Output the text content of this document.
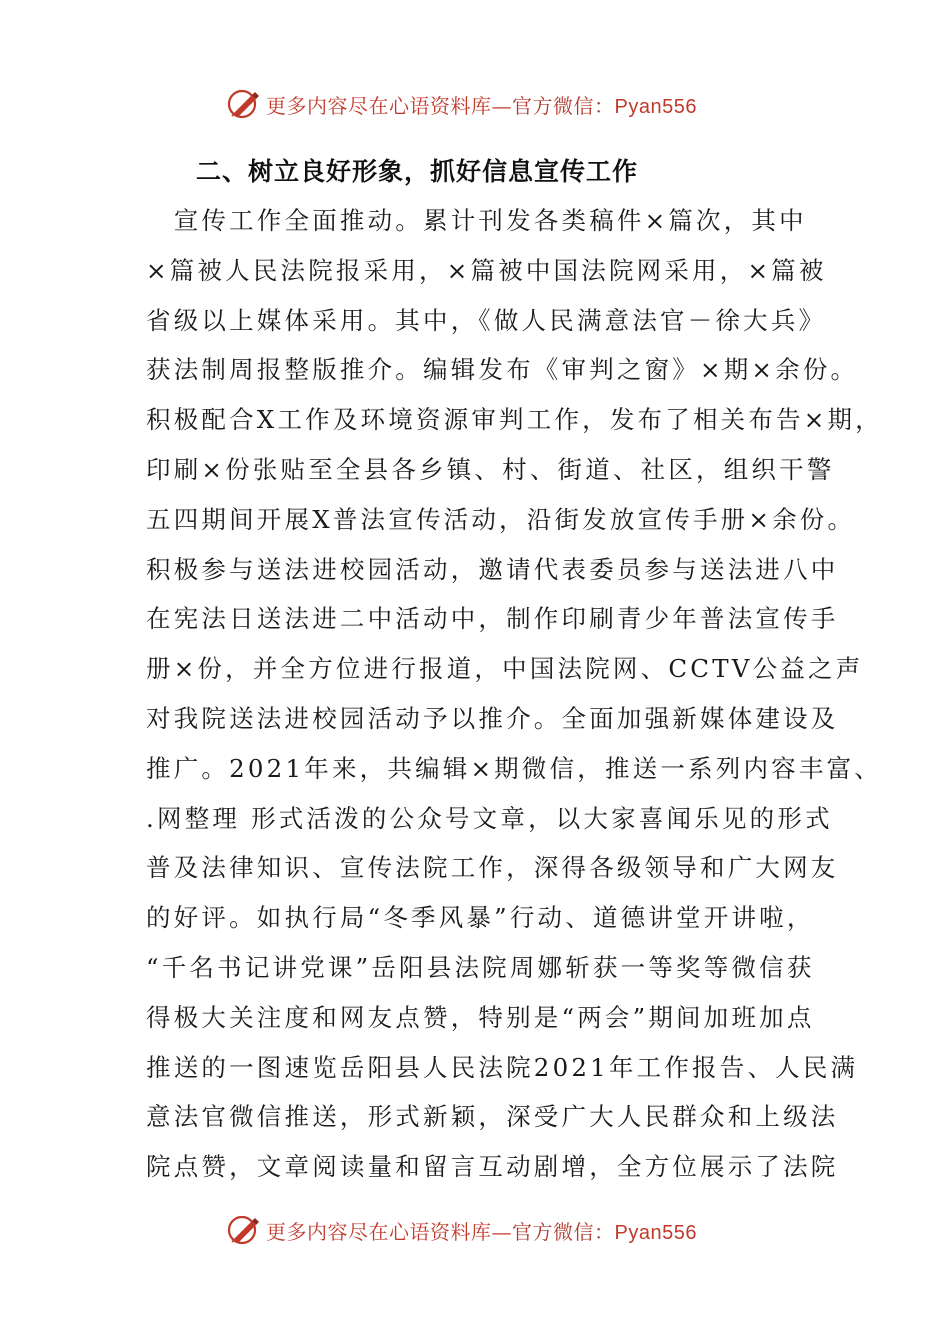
更多内容尽在心语资料库—官方微信：Pyan556
二、树立良好形象，抓好信息宣传工作
　宣传工作全面推动。累计刊发各类稿件×篇次，其中
×篇被人民法院报采用，×篇被中国法院网采用，×篇被
省级以上媒体采用。其中，《做人民满意法官－徐大兵》
获法制周报整版推介。编辑发布《审判之窗》×期×余份。
积极配合X工作及环境资源审判工作，发布了相关布告×期，
印刷×份张贴至全县各乡镇、村、街道、社区，组织干警
五四期间开展X普法宣传活动，沿街发放宣传手册×余份。
积极参与送法进校园活动，邀请代表委员参与送法进八中
在宪法日送法进二中活动中，制作印刷青少年普法宣传手
册×份，并全方位进行报道，中国法院网、CCTV公益之声
对我院送法进校园活动予以推介。全面加强新媒体建设及
推广。2021年来，共编辑×期微信，推送一系列内容丰富、
.网整理 形式活泼的公众号文章，以大家喜闻乐见的形式
普及法律知识、宣传法院工作，深得各级领导和广大网友
的好评。如执行局“冬季风暴”行动、道德讲堂开讲啦，
“千名书记讲党课”岳阳县法院周娜斩获一等奖等微信获
得极大关注度和网友点赞，特别是“两会”期间加班加点
推送的一图速览岳阳县人民法院2021年工作报告、人民满
意法官微信推送，形式新颖，深受广大人民群众和上级法
院点赞，文章阅读量和留言互动剧增，全方位展示了法院
更多内容尽在心语资料库—官方微信：Pyan556
